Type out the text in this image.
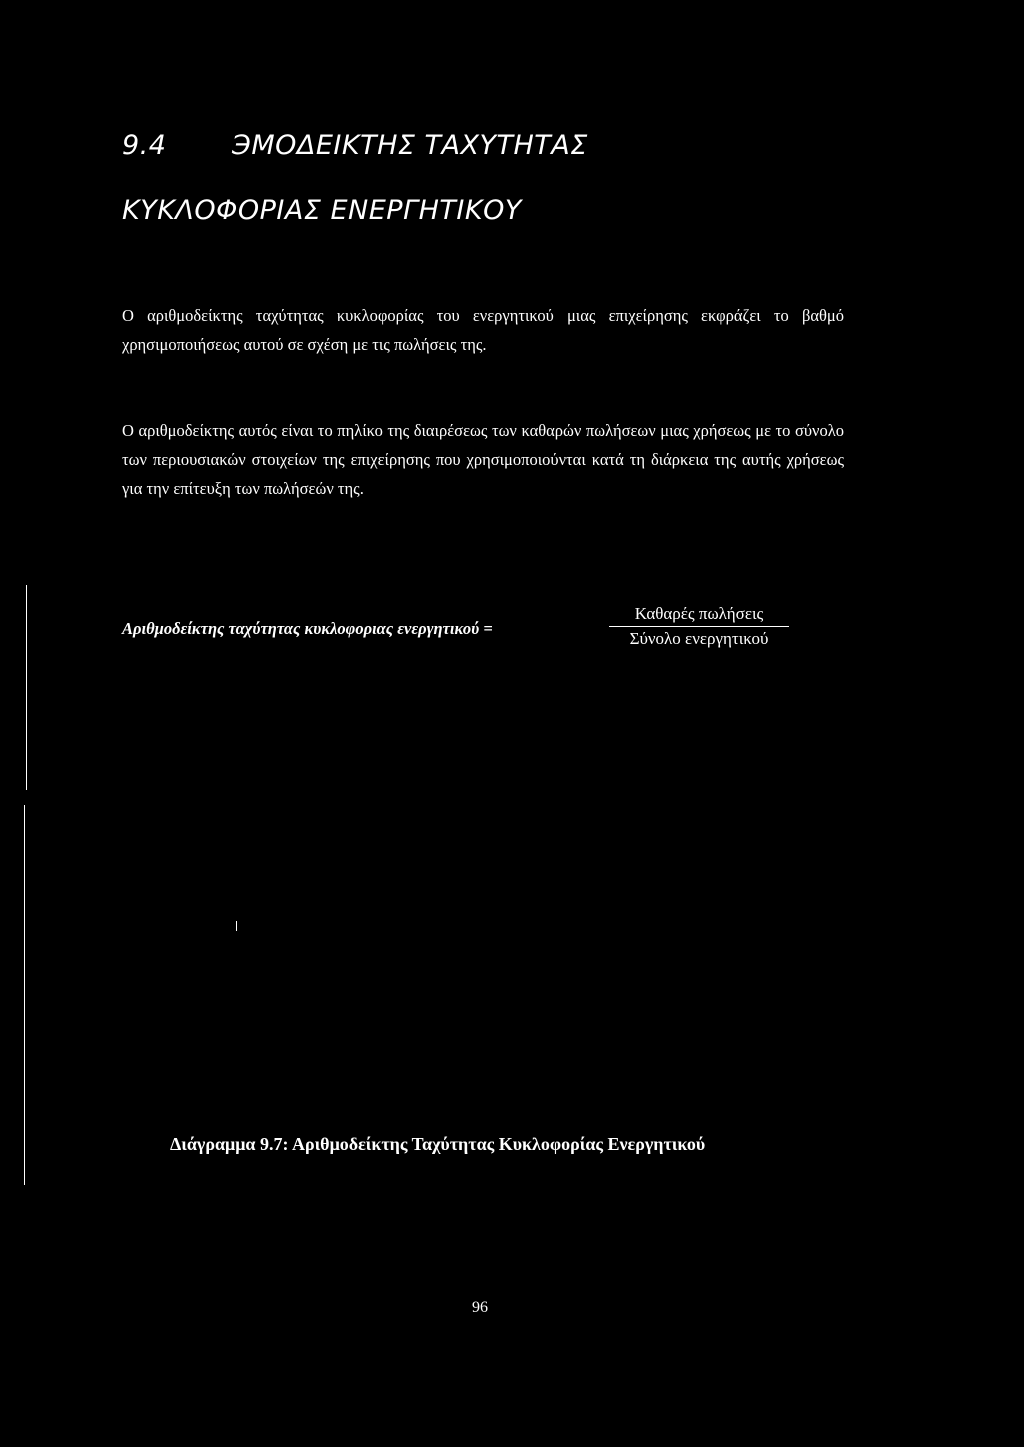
9.4 ЭΜΟΔΕΙΚΤΗΣ ΤΑΧΥΤΗΤΑΣ
ΚΥΚΛΟΦΟΡΙΑΣ ΕΝΕΡΓΗΤΙΚΟΥ

Ο αριθμοδείκτης ταχύτητας κυκλοφορίας του ενεργητικού μιας επιχείρησης εκφράζει το βαθμό χρησιμοποιήσεως αυτού σε σχέση με τις πωλήσεις της.

Ο αριθμοδείκτης αυτός είναι το πηλίκο της διαιρέσεως των καθαρών πωλήσεων μιας χρήσεως με το σύνολο των περιουσιακών στοιχείων της επιχείρησης που χρησιμοποιούνται κατά τη διάρκεια της αυτής χρήσεως για την επίτευξη των πωλήσεών της.

Αριθμοδείκτης ταχύτητας κυκλοφοριας ενεργητικού =
Καθαρές πωλήσεις
Σύνολο ενεργητικού
Διάγραμμα 9.7: Αριθμοδείκτης Ταχύτητας Κυκλοφορίας Ενεργητικού
96
